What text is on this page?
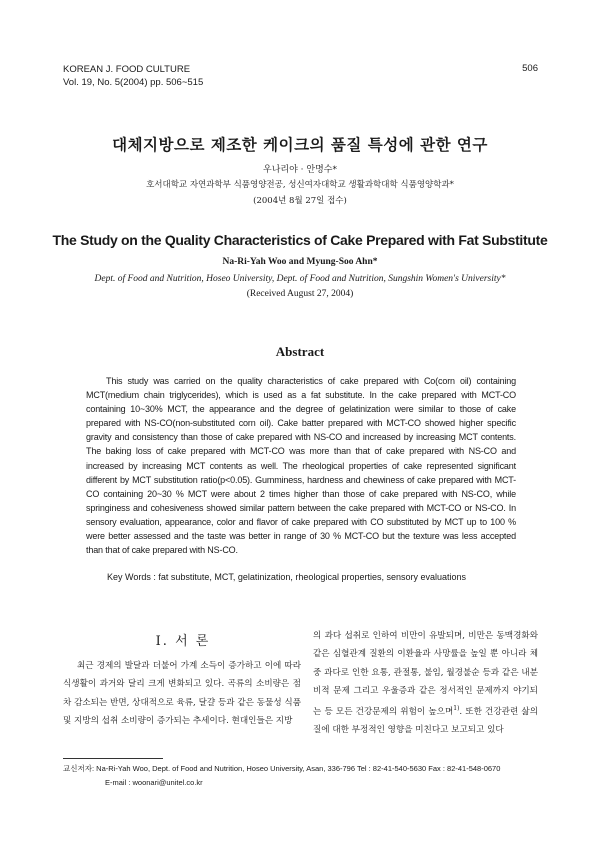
KOREAN J. FOOD CULTURE
Vol. 19, No. 5(2004) pp. 506~515
506
대체지방으로 제조한 케이크의 품질 특성에 관한 연구
우나리야 · 안명수*
호서대학교 자연과학부 식품영양전공, 성신여자대학교 생활과학대학 식품영양학과*
(2004년 8월 27일 접수)
The Study on the Quality Characteristics of Cake Prepared with Fat Substitute
Na-Ri-Yah Woo and Myung-Soo Ahn*
Dept. of Food and Nutrition, Hoseo University, Dept. of Food and Nutrition, Sungshin Women's University*
(Received August 27, 2004)
Abstract
This study was carried on the quality characteristics of cake prepared with Co(corn oil) containing MCT(medium chain triglycerides), which is used as a fat substitute. In the cake prepared with MCT-CO containing 10~30% MCT, the appearance and the degree of gelatinization were similar to those of cake prepared with NS-CO(non-substituted corn oil). Cake batter prepared with MCT-CO showed higher specific gravity and consistency than those of cake prepared with NS-CO and increased by increasing MCT contents. The baking loss of cake prepared with MCT-CO was more than that of cake prepared with NS-CO and increased by increasing MCT contents as well. The rheological properties of cake represented significant different by MCT substitution ratio(p<0.05). Gumminess, hardness and chewiness of cake prepared with MCT-CO containing 20~30 % MCT were about 2 times higher than those of cake prepared with NS-CO, while springiness and cohesiveness showed similar pattern between the cake prepared with MCT-CO or NS-CO. In sensory evaluation, appearance, color and flavor of cake prepared with CO substituted by MCT up to 100 % were better assessed and the taste was better in range of 30 % MCT-CO but the texture was less accepted than that of cake prepared with NS-CO.
Key Words : fat substitute, MCT, gelatinization, rheological properties, sensory evaluations
I. 서 론
최근 경제의 발달과 더불어 가계 소득이 증가하고 이에 따라 식생활이 과거와 달리 크게 변화되고 있다. 곡류의 소비량은 점차 감소되는 반면, 상대적으로 육류, 달걀 등과 같은 동물성 식품 및 지방의 섭취 소비량이 증가되는 추세이다. 현대인들은 지방
의 과다 섭취로 인하여 비만이 유발되며, 비만은 동맥경화와 같은 심혈관계 질환의 이환율과 사망률을 높일 뿐 아니라 체중 과다로 인한 요통, 관절통, 불임, 월경불순 등과 같은 내분비적 문제 그리고 우울증과 같은 정서적인 문제까지 야기되는 등 모든 건강문제의 위험이 높으며$^{1)}$. 또한 건강관련 삶의 질에 대한 부정적인 영향을 미친다고 보고되고 있다
교신저자: Na-Ri-Yah Woo, Dept. of Food and Nutrition, Hoseo University, Asan, 336-796 Tel : 82-41-540-5630 Fax : 82-41-548-0670
E-mail : woonari@unitel.co.kr
